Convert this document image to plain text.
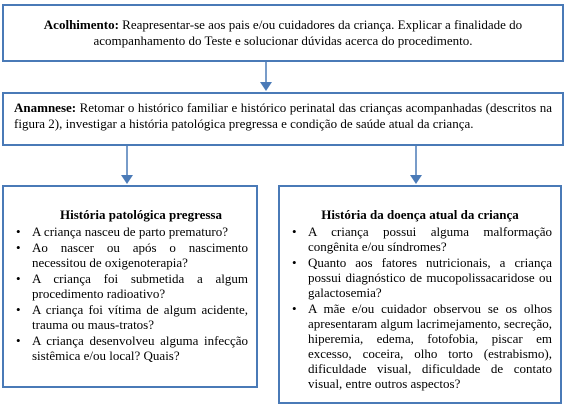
Acolhimento: Reapresentar-se aos pais e/ou cuidadores da criança. Explicar a finalidade do acompanhamento do Teste e solucionar dúvidas acerca do procedimento.
Anamnese: Retomar o histórico familiar e histórico perinatal das crianças acompanhadas (descritos na figura 2), investigar a história patológica pregressa e condição de saúde atual da criança.
História patológica pregressa
• A criança nasceu de parto prematuro?
• Ao nascer ou após o nascimento necessitou de oxigenoterapia?
• A criança foi submetida a algum procedimento radioativo?
• A criança foi vítima de algum acidente, trauma ou maus-tratos?
• A criança desenvolveu alguma infecção sistêmica e/ou local? Quais?
História da doença atual da criança
• A criança possui alguma malformação congênita e/ou síndromes?
• Quanto aos fatores nutricionais, a criança possui diagnóstico de mucopolissacaridose ou galactosemia?
• A mãe e/ou cuidador observou se os olhos apresentaram algum lacrimejamento, secreção, hiperemia, edema, fotofobia, piscar em excesso, coceira, olho torto (estrabismo), dificuldade visual, dificuldade de contato visual, entre outros aspectos?
